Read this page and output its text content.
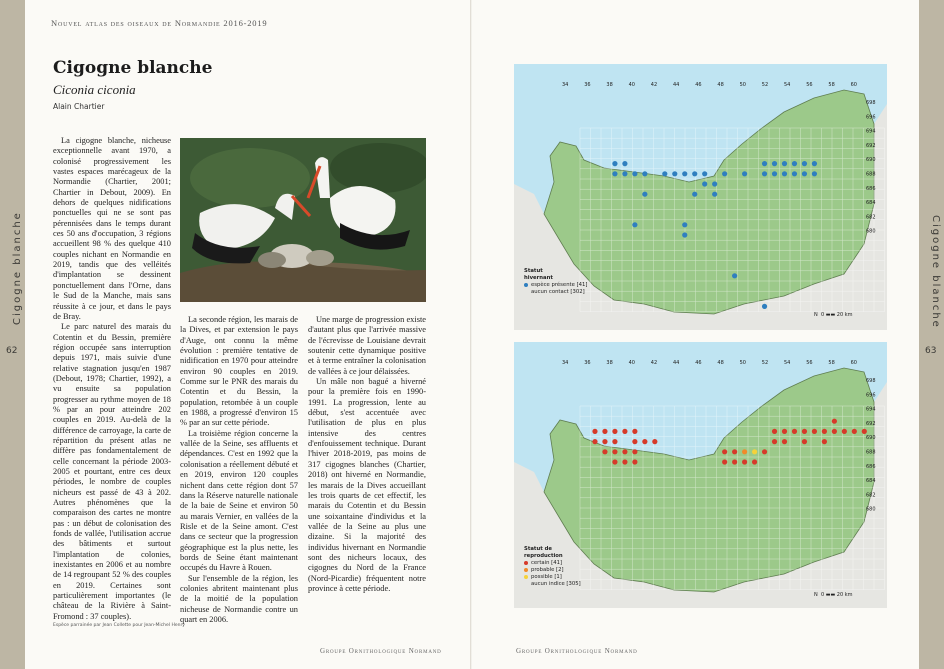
Cigogne blanche
62
Cigogne blanche
63
Nouvel atlas des oiseaux de Normandie 2016-2019
Cigogne blanche
Ciconia ciconia
Alain Chartier

La cigogne blanche, nicheuse exceptionnelle avant 1970, a colonisé progressivement les vastes espaces marécageux de la Normandie (Chartier, 2001; Chartier in Debout, 2009). En dehors de quelques nidifications ponctuelles qui ne se sont pas pérennisées dans le temps durant ces 50 ans d'occupation, 3 régions accueillent 98 % des quelque 410 couples nichant en Normandie en 2019, tandis que des velléités d'implantation se dessinent ponctuellement dans l'Orne, dans le Sud de la Manche, mais sans réussite à ce jour, et dans le pays de Bray.

Le parc naturel des marais du Cotentin et du Bessin, première région occupée sans interruption depuis 1971, mais suivie d'une relative stagnation jusqu'en 1987 (Debout, 1978; Chartier, 1992), a vu ensuite sa population progresser au rythme moyen de 18 % par an pour atteindre 202 couples en 2019. Au-delà de la différence de carroyage, la carte de répartition du présent atlas ne diffère pas fondamentalement de celle concernant la période 2003-2005 et pourtant, entre ces deux périodes, le nombre de couples nicheurs est passé de 43 à 202. Autres phénomènes que la comparaison des cartes ne montre pas : un début de colonisation des fonds de vallée, l'utilisation accrue des bâtiments et surtout l'implantation de colonies, inexistantes en 2006 et au nombre de 14 regroupant 52 % des couples en 2019. Certaines sont particulièrement importantes (le château de la Rivière à Saint-Fromond : 37 couples).

La seconde région, les marais de la Dives, et par extension le pays d'Auge, ont connu la même évolution : première tentative de nidification en 1970 pour atteindre environ 90 couples en 2019. Comme sur le PNR des marais du Cotentin et du Bessin, la population, retombée à un couple en 1988, a progressé d'environ 15 % par an sur cette période.

La troisième région concerne la vallée de la Seine, ses affluents et dépendances. C'est en 1992 que la colonisation a réellement débuté et en 2019, environ 120 couples nichent dans cette région dont 57 dans la Réserve naturelle nationale de la baie de Seine et environ 50 au marais Vernier, en vallées de la Risle et de la Seine amont. C'est dans ce secteur que la progression géographique est la plus nette, les bords de Seine étant maintenant occupés du Havre à Rouen.

Sur l'ensemble de la région, les colonies abritent maintenant plus de la moitié de la population nicheuse de Normandie contre un quart en 2006.

Une marge de progression existe d'autant plus que l'arrivée massive de l'écrevisse de Louisiane devrait soutenir cette dynamique positive et à terme entraîner la colonisation de vallées à ce jour délaissées.

Un mâle non bagué a hiverné pour la première fois en 1990-1991. La progression, lente au début, s'est accentuée avec l'utilisation de plus en plus intensive des centres d'enfouissement technique. Durant l'hiver 2018-2019, pas moins de 317 cigognes blanches (Chartier, 2018) ont hiverné en Normandie, les marais de la Dives accueillant les trois quarts de cet effectif, les marais du Cotentin et du Bessin une soixantaine d'individus et la vallée de la Seine au plus une dizaine. Si la majorité des individus hivernant en Normandie sont des nicheurs locaux, des cigognes du Nord de la France (Nord-Picardie) fréquentent notre province à cette période.

Espèce parrainée par Jean Collette pour Jean-Michel Henry
Groupe Ornithologique Normand
34	36	38	40	42	44	46	48	50	52	54	56	58	60
698
696
694
692
690
688
686
684
682
680
Statut
hivernant
espèce présente [41]
aucun contact [302]
N 0 ▬▬ 20 km
34	36	38	40	42	44	46	48	50	52	54	56	58	60
698
696
694
692
690
688
686
684
682
680
Statut de
reproduction
certain [41]
probable [2]
possible [1]
aucun indice [305]
N 0 ▬▬ 20 km
Groupe Ornithologique Normand
